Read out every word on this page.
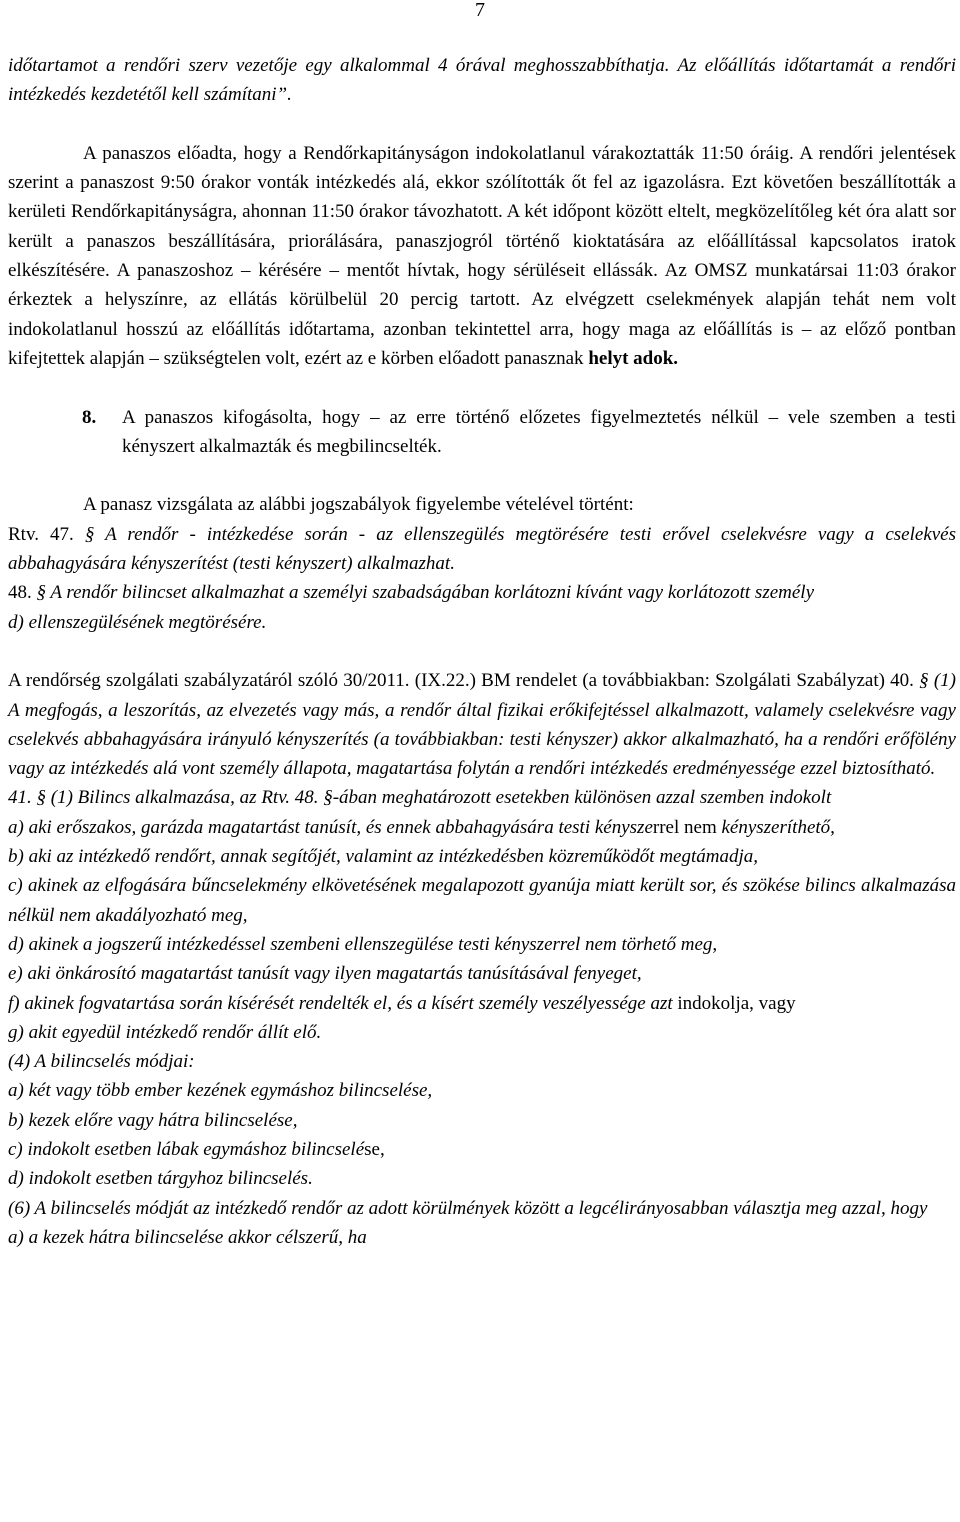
7

időtartamot a rendőri szerv vezetője egy alkalommal 4 órával meghosszabbíthatja. Az előállítás időtartamát a rendőri intézkedés kezdetétől kell számítani”.

A panaszos előadta, hogy a Rendőrkapitányságon indokolatlanul várakoztatták 11:50 óráig. A rendőri jelentések szerint a panaszost 9:50 órakor vonták intézkedés alá, ekkor szólították őt fel az igazolásra. Ezt követően beszállították a kerületi Rendőrkapitányságra, ahonnan 11:50 órakor távozhatott. A két időpont között eltelt, megközelítőleg két óra alatt sor került a panaszos beszállítására, priorálására, panaszjogról történő kioktatására az előállítással kapcsolatos iratok elkészítésére. A panaszoshoz – kérésére – mentőt hívtak, hogy sérüléseit ellássák. Az OMSZ munkatársai 11:03 órakor érkeztek a helyszínre, az ellátás körülbelül 20 percig tartott. Az elvégzett cselekmények alapján tehát nem volt indokolatlanul hosszú az előállítás időtartama, azonban tekintettel arra, hogy maga az előállítás is – az előző pontban kifejtettek alapján – szükségtelen volt, ezért az e körben előadott panasznak helyt adok.

8.	A panaszos kifogásolta, hogy – az erre történő előzetes figyelmeztetés nélkül – vele szemben a testi kényszert alkalmazták és megbilincselték.

A panasz vizsgálata az alábbi jogszabályok figyelembe vételével történt:

Rtv. 47. § A rendőr - intézkedése során - az ellenszegülés megtörésére testi erővel cselekvésre vagy a cselekvés abbahagyására kényszerítést (testi kényszert) alkalmazhat.

48. § A rendőr bilincset alkalmazhat a személyi szabadságában korlátozni kívánt vagy korlátozott személy

d) ellenszegülésének megtörésére.

A rendőrség szolgálati szabályzatáról szóló 30/2011. (IX.22.) BM rendelet (a továbbiakban: Szolgálati Szabályzat) 40. § (1) A megfogás, a leszorítás, az elvezetés vagy más, a rendőr által fizikai erőkifejtéssel alkalmazott, valamely cselekvésre vagy cselekvés abbahagyására irányuló kényszerítés (a továbbiakban: testi kényszer) akkor alkalmazható, ha a rendőri erőfölény vagy az intézkedés alá vont személy állapota, magatartása folytán a rendőri intézkedés eredményessége ezzel biztosítható.

41. § (1) Bilincs alkalmazása, az Rtv. 48. §-ában meghatározott esetekben különösen azzal szemben indokolt

a) aki erőszakos, garázda magatartást tanúsít, és ennek abbahagyására testi kényszerrel nem kényszeríthető,

b) aki az intézkedő rendőrt, annak segítőjét, valamint az intézkedésben közreműködőt megtámadja,

c) akinek az elfogására bűncselekmény elkövetésének megalapozott gyanúja miatt került sor, és szökése bilincs alkalmazása nélkül nem akadályozható meg,

d) akinek a jogszerű intézkedéssel szembeni ellenszegülése testi kényszerrel nem törhető meg,

e) aki önkárosító magatartást tanúsít vagy ilyen magatartás tanúsításával fenyeget,

f) akinek fogvatartása során kísérését rendelték el, és a kísért személy veszélyessége azt indokolja, vagy

g) akit egyedül intézkedő rendőr állít elő.

(4) A bilincselés módjai:

a) két vagy több ember kezének egymáshoz bilincselése,

b) kezek előre vagy hátra bilincselése,

c) indokolt esetben lábak egymáshoz bilincselése,

d) indokolt esetben tárgyhoz bilincselés.

(6) A bilincselés módját az intézkedő rendőr az adott körülmények között a legcélirányosabban választja meg azzal, hogy

a) a kezek hátra bilincselése akkor célszerű, ha
